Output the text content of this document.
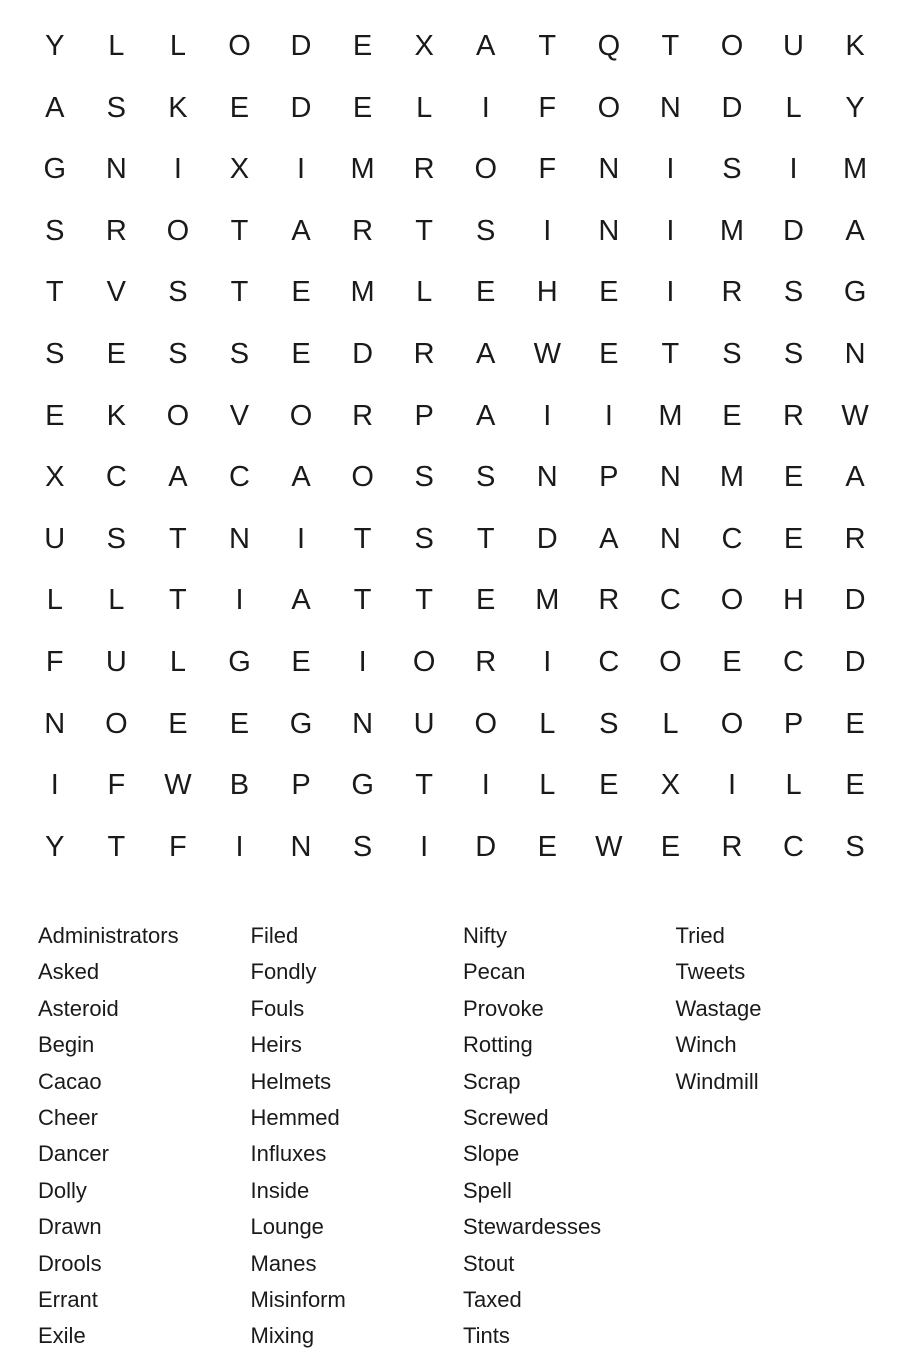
Y	L	L	O	D	E	X	A	T	Q	T	O	U	K
A	S	K	E	D	E	L	I	F	O	N	D	L	Y
G	N	I	X	I	M	R	O	F	N	I	S	I	M
S	R	O	T	A	R	T	S	I	N	I	M	D	A
T	V	S	T	E	M	L	E	H	E	I	R	S	G
S	E	S	S	E	D	R	A	W	E	T	S	S	N
E	K	O	V	O	R	P	A	I	I	M	E	R	W
X	C	A	C	A	O	S	S	N	P	N	M	E	A
U	S	T	N	I	T	S	T	D	A	N	C	E	R
L	L	T	I	A	T	T	E	M	R	C	O	H	D
F	U	L	G	E	I	O	R	I	C	O	E	C	D
N	O	E	E	G	N	U	O	L	S	L	O	P	E
I	F	W	B	P	G	T	I	L	E	X	I	L	E
Y	T	F	I	N	S	I	D	E	W	E	R	C	S
Administrators
Asked
Asteroid
Begin
Cacao
Cheer
Dancer
Dolly
Drawn
Drools
Errant
Exile
Filed
Fondly
Fouls
Heirs
Helmets
Hemmed
Influxes
Inside
Lounge
Manes
Misinform
Mixing
Nifty
Pecan
Provoke
Rotting
Scrap
Screwed
Slope
Spell
Stewardesses
Stout
Taxed
Tints
Tried
Tweets
Wastage
Winch
Windmill
